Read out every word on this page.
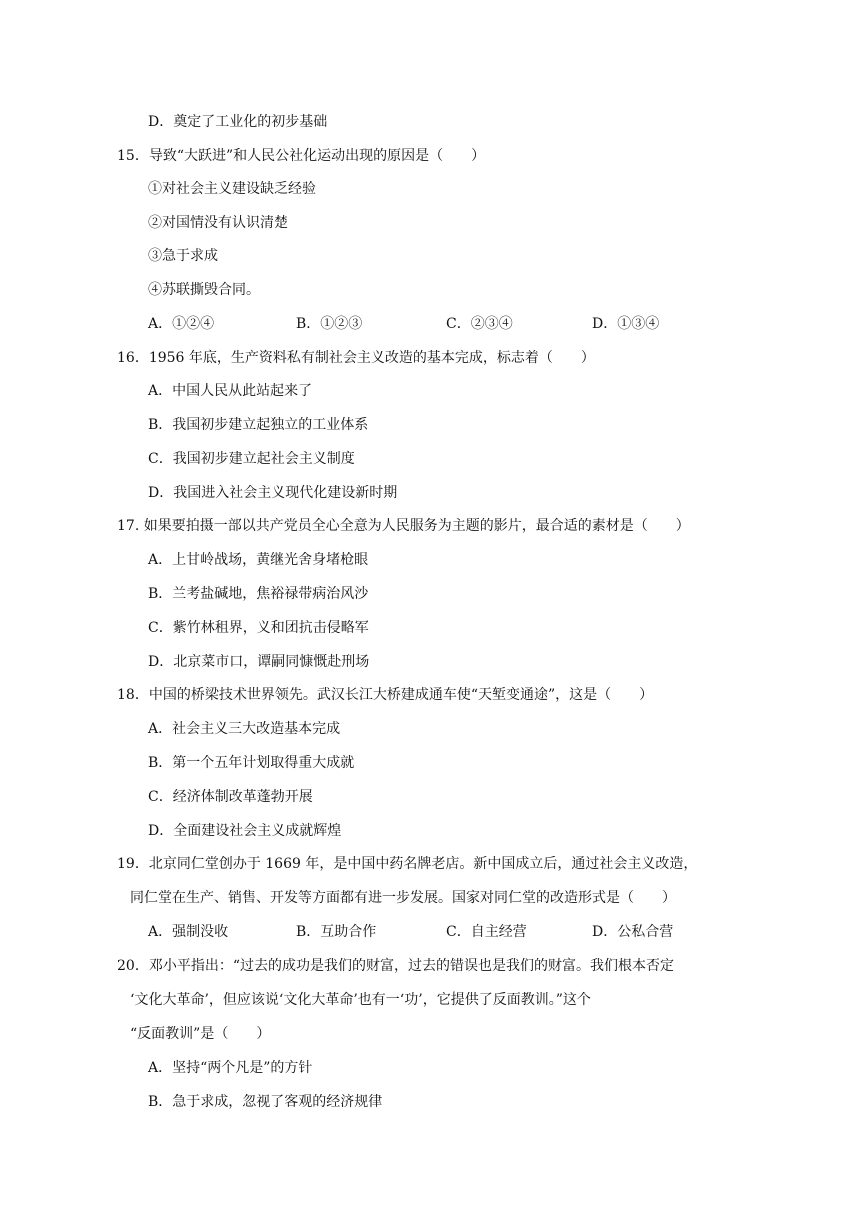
D．奠定了工业化的初步基础
15．导致“大跃进”和人民公社化运动出现的原因是（　　）
①对社会主义建设缺乏经验
②对国情没有认识清楚
③急于求成
④苏联撕毁合同。
A．①②④	B．①②③	C．②③④	D．①③④
16．1956 年底，生产资料私有制社会主义改造的基本完成，标志着（　　）
A．中国人民从此站起来了
B．我国初步建立起独立的工业体系
C．我国初步建立起社会主义制度
D．我国进入社会主义现代化建设新时期
17. 如果要拍摄一部以共产党员全心全意为人民服务为主题的影片，最合适的素材是（　　）
A．上甘岭战场，黄继光舍身堵枪眼
B．兰考盐碱地，焦裕禄带病治风沙
C．紫竹林租界，义和团抗击侵略军
D．北京菜市口，谭嗣同慷慨赴刑场
18．中国的桥梁技术世界领先。武汉长江大桥建成通车使“天堑变通途”，这是（　　）
A．社会主义三大改造基本完成
B．第一个五年计划取得重大成就
C．经济体制改革蓬勃开展
D．全面建设社会主义成就辉煌
19．北京同仁堂创办于 1669 年，是中国中药名牌老店。新中国成立后，通过社会主义改造，
同仁堂在生产、销售、开发等方面都有进一步发展。国家对同仁堂的改造形式是（　　）
A．强制没收	B．互助合作	C．自主经营	D．公私合营
20．邓小平指出：“过去的成功是我们的财富，过去的错误也是我们的财富。我们根本否定
‘文化大革命’，但应该说‘文化大革命’也有一‘功’，它提供了反面教训。”这个
“反面教训”是（　　）
A．坚持“两个凡是”的方针
B．急于求成，忽视了客观的经济规律
